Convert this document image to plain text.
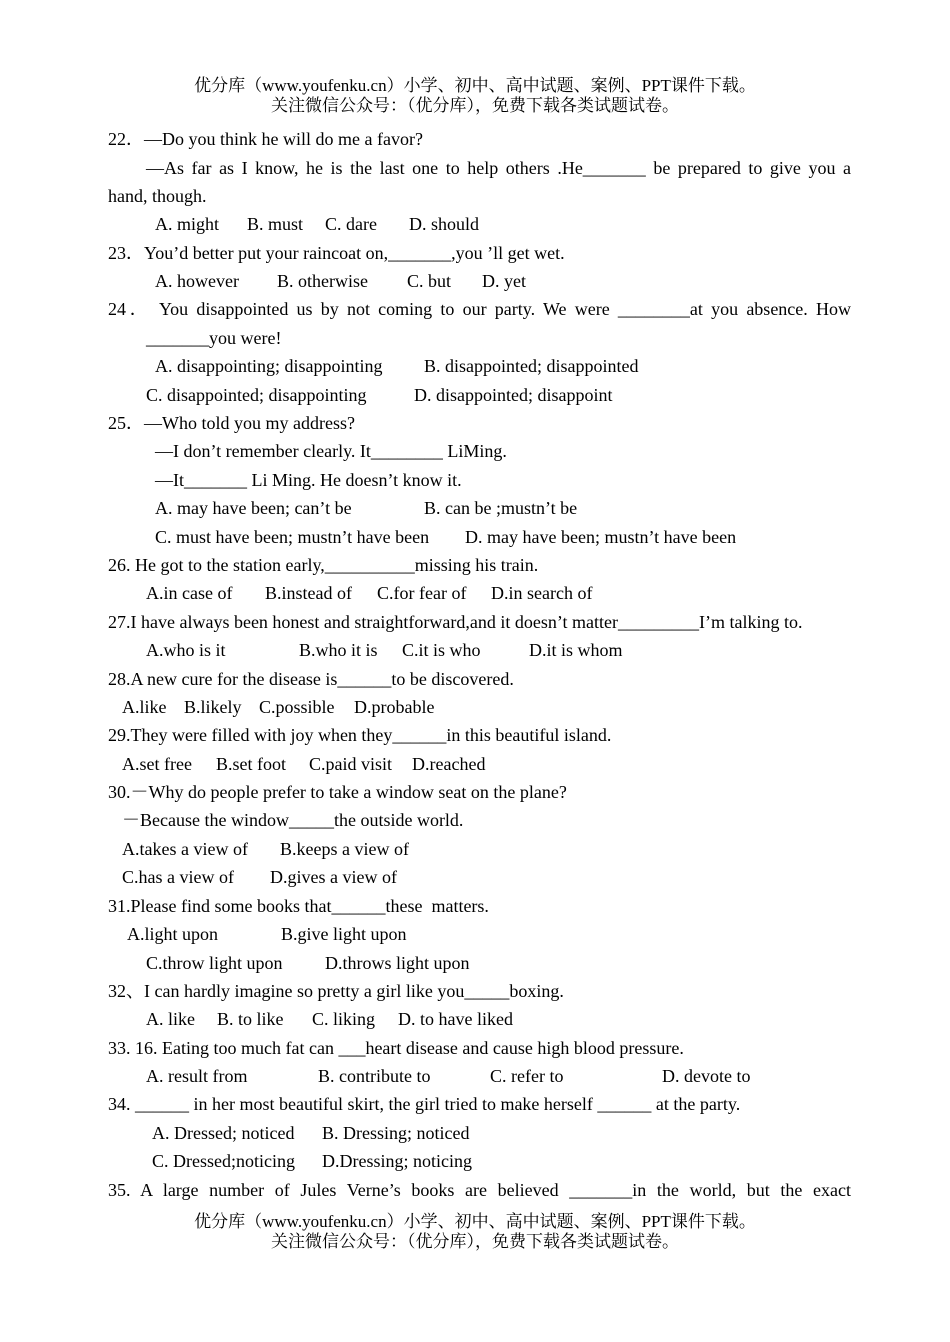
优分库（www.youfenku.cn）小学、初中、高中试题、案例、PPT课件下载。
关注微信公众号：（优分库），免费下载各类试题试卷。
22．—Do you think he will do me a favor?
—As far as I know, he is the last one to help others .He_______ be prepared to give you a
hand, though.
A. might B. must C. dare D. should
23．You’d better put your raincoat on,_______,you ’ll get wet.
A. however B. otherwise C. but D. yet
24． You disappointed us by not coming to our party. We were ________at you absence. How
_______you were!
A. disappointing; disappointing B. disappointed; disappointed
C. disappointed; disappointing	D. disappointed; disappoint
25．—Who told you my address?
—I don’t remember clearly. It________ LiMing.
—It_______ Li Ming. He doesn’t know it.
A. may have been; can’t be	B. can be ;mustn’t be
C. must have been; mustn’t have been D. may have been; mustn’t have been
26. He got to the station early,__________missing his train.
A.in case of B.instead of C.for fear of D.in search of
27.I have always been honest and straightforward,and it doesn’t matter_________I’m talking to.
A.who is it	B.who it is C.it is who	D.it is whom
28.A new cure for the disease is______to be discovered.
A.like B.likely C.possible D.probable
29.They were filled with joy when they______in this beautiful island.
A.set free B.set foot C.paid visit D.reached
30.－Why do people prefer to take a window seat on the plane?
－Because the window_____the outside world.
A.takes a view of B.keeps a view of
C.has a view of D.gives a view of
31.Please find some books that______these  matters.
A.light upon	B.give light upon
C.throw light upon D.throws light upon
32、I can hardly imagine so pretty a girl like you_____boxing.
A. like B. to like C. liking D. to have liked
33. 16. Eating too much fat can ___heart disease and cause high blood pressure.
A. result from	B. contribute to	C. refer to	D. devote to
34. ______ in her most beautiful skirt, the girl tried to make herself ______ at the party.
A. Dressed; noticed B. Dressing; noticed
C. Dressed;noticing D.Dressing; noticing
35. A large number of Jules Verne’s books are believed _______in the world, but the exact
优分库（www.youfenku.cn）小学、初中、高中试题、案例、PPT课件下载。
关注微信公众号：（优分库），免费下载各类试题试卷。
